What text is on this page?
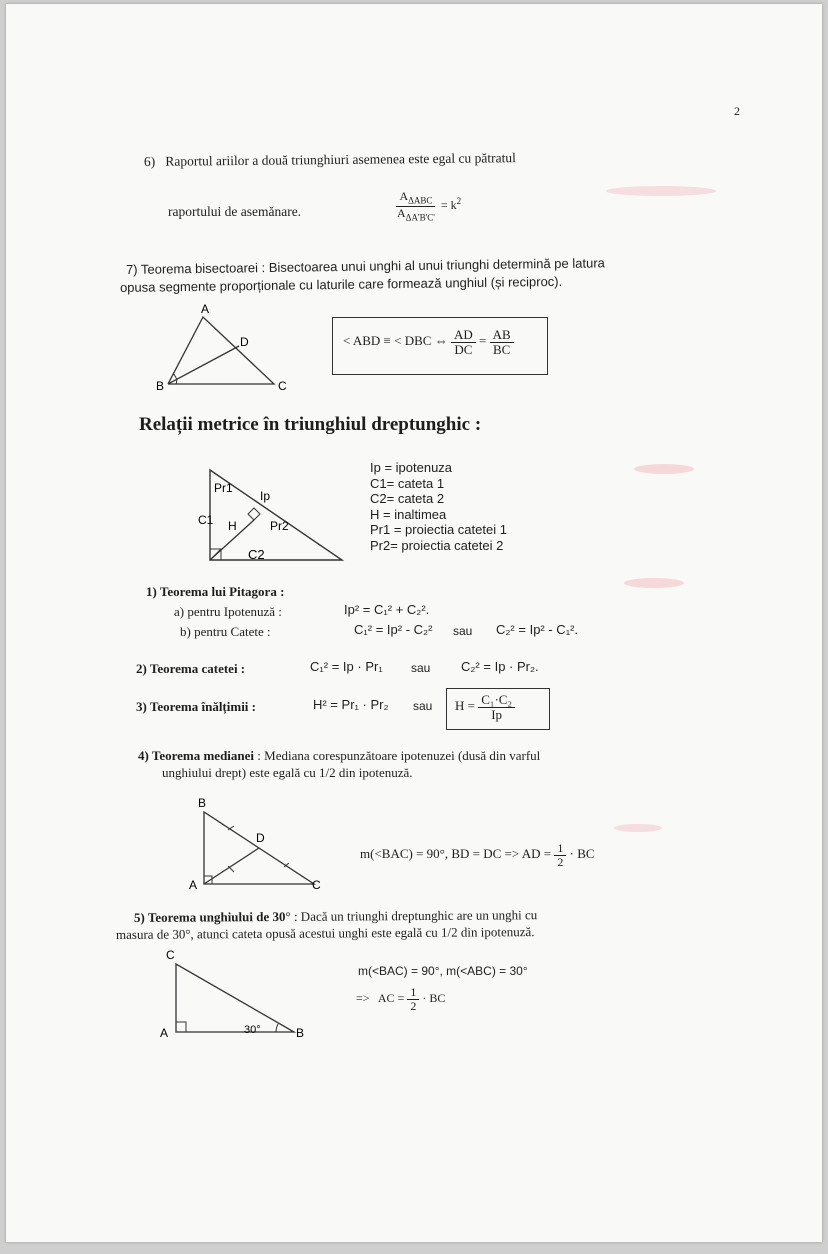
2
6) Raportul ariilor a două triunghiuri asemenea este egal cu pătratul
raportului de asemănare.	$\frac{A_{\Delta ABC}}{A_{\Delta A'B'C'}} = k^2$
7) Teorema bisectoarei : Bisectoarea unui unghi al unui triunghi determină pe latura
opusa segmente proporționale cu laturile care formează unghiul (și reciproc).
A
D
B	C
< ABD ≡ < DBC ⇔ $\frac{AD}{DC} = \frac{AB}{BC}$
Relații metrice în triunghiul dreptunghic :
Pr1
Ip
C1 H	Pr2
C2
Ip = ipotenuza
C1= cateta 1
C2= cateta 2
H = inaltimea
Pr1 = proiectia catetei 1
Pr2= proiectia catetei 2
1) Teorema lui Pitagora :
a) pentru Ipotenuză :	Ip² = C₁² + C₂².
b) pentru Catete :	C₁² = Ip² - C₂² sau C₂² = Ip² - C₁².
2) Teorema catetei :	C₁² = Ip · Pr₁ sau C₂² = Ip · Pr₂.
3) Teorema înălțimii :	H² = Pr₁ · Pr₂ sau $H = \frac{\text{C₁·C₂}}{Ip}$
4) Teorema medianei : Mediana corespunzătoare ipotenuzei (dusă din varful
unghiului drept) este egală cu 1/2 din ipotenuză.
B
D
A	C
m(<BAC) = 90°, BD = DC => AD = $\frac{1}{2}$ · BC
5) Teorema unghiului de 30° : Dacă un triunghi dreptunghic are un unghi cu
masura de 30°, atunci cateta opusă acestui unghi este egală cu 1/2 din ipotenuză.
C
A	30°	B
m(<BAC) = 90°, m(<ABC) = 30°
=> AC = $\frac{1}{2}$ · BC
